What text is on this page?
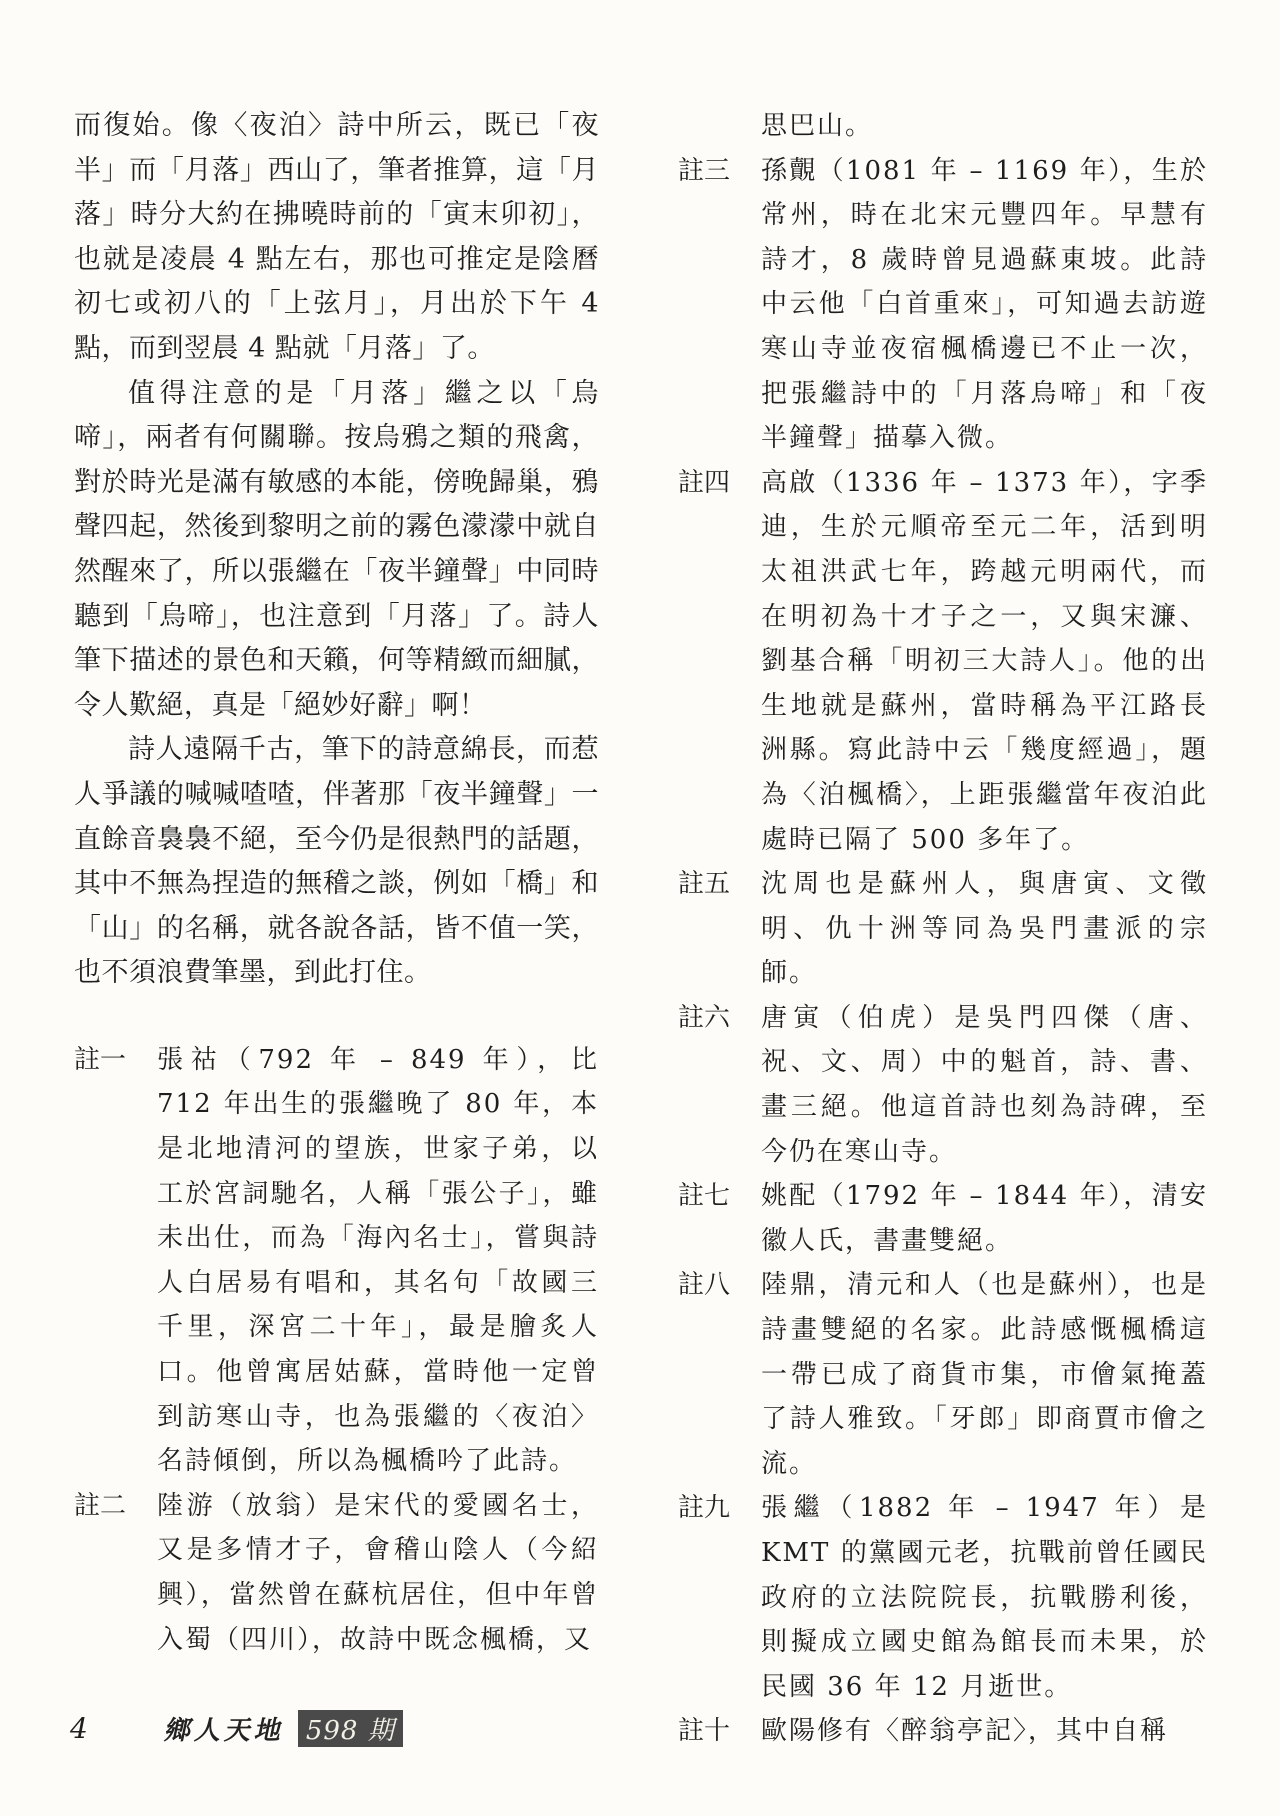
而復始。像〈夜泊〉詩中所云，既已「夜半」而「月落」西山了，筆者推算，這「月落」時分大約在拂曉時前的「寅末卯初」，也就是凌晨 4 點左右，那也可推定是陰曆初七或初八的「上弦月」，月出於下午 4 點，而到翌晨 4 點就「月落」了。

值得注意的是「月落」繼之以「烏啼」，兩者有何關聯。按烏鴉之類的飛禽，對於時光是滿有敏感的本能，傍晚歸巢，鴉聲四起，然後到黎明之前的霧色濛濛中就自然醒來了，所以張繼在「夜半鐘聲」中同時聽到「烏啼」，也注意到「月落」了。詩人筆下描述的景色和天籟，何等精緻而細膩，令人歎絕，真是「絕妙好辭」啊！

詩人遠隔千古，筆下的詩意綿長，而惹人爭議的喊喊喳喳，伴著那「夜半鐘聲」一直餘音裊裊不絕，至今仍是很熱門的話題，其中不無為捏造的無稽之談，例如「橋」和「山」的名稱，就各說各話，皆不值一笑，也不須浪費筆墨，到此打住。

註一	張祜（792 年 – 849 年），比 712 年出生的張繼晚了 80 年，本是北地清河的望族，世家子弟，以工於宮詞馳名，人稱「張公子」，雖未出仕，而為「海內名士」，嘗與詩人白居易有唱和，其名句「故國三千里，深宮二十年」，最是膾炙人口。他曾寓居姑蘇，當時他一定曾到訪寒山寺，也為張繼的〈夜泊〉名詩傾倒，所以為楓橋吟了此詩。
註二	陸游（放翁）是宋代的愛國名士，又是多情才子，會稽山陰人（今紹興），當然曾在蘇杭居住，但中年曾入蜀（四川），故詩中既念楓橋，又
思巴山。
註三	孫覿（1081 年 – 1169 年），生於常州，時在北宋元豐四年。早慧有詩才，8 歲時曾見過蘇東坡。此詩中云他「白首重來」，可知過去訪遊寒山寺並夜宿楓橋邊已不止一次，把張繼詩中的「月落烏啼」和「夜半鐘聲」描摹入微。
註四	高啟（1336 年 – 1373 年），字季迪，生於元順帝至元二年，活到明太祖洪武七年，跨越元明兩代，而在明初為十才子之一，又與宋濂、劉基合稱「明初三大詩人」。他的出生地就是蘇州，當時稱為平江路長洲縣。寫此詩中云「幾度經過」，題為〈泊楓橋〉，上距張繼當年夜泊此處時已隔了 500 多年了。
註五	沈周也是蘇州人，與唐寅、文徵明、仇十洲等同為吳門畫派的宗師。
註六	唐寅（伯虎）是吳門四傑（唐、祝、文、周）中的魁首，詩、書、畫三絕。他這首詩也刻為詩碑，至今仍在寒山寺。
註七	姚配（1792 年 – 1844 年），清安徽人氏，書畫雙絕。
註八	陸鼎，清元和人（也是蘇州），也是詩畫雙絕的名家。此詩感慨楓橋這一帶已成了商貨市集，市儈氣掩蓋了詩人雅致。「牙郎」即商賈市儈之流。
註九	張繼（1882 年 – 1947 年）是 KMT 的黨國元老，抗戰前曾任國民政府的立法院院長，抗戰勝利後，則擬成立國史館為館長而未果，於民國 36 年 12 月逝世。
註十	歐陽修有〈醉翁亭記〉，其中自稱
4	鄉人天地 598 期
